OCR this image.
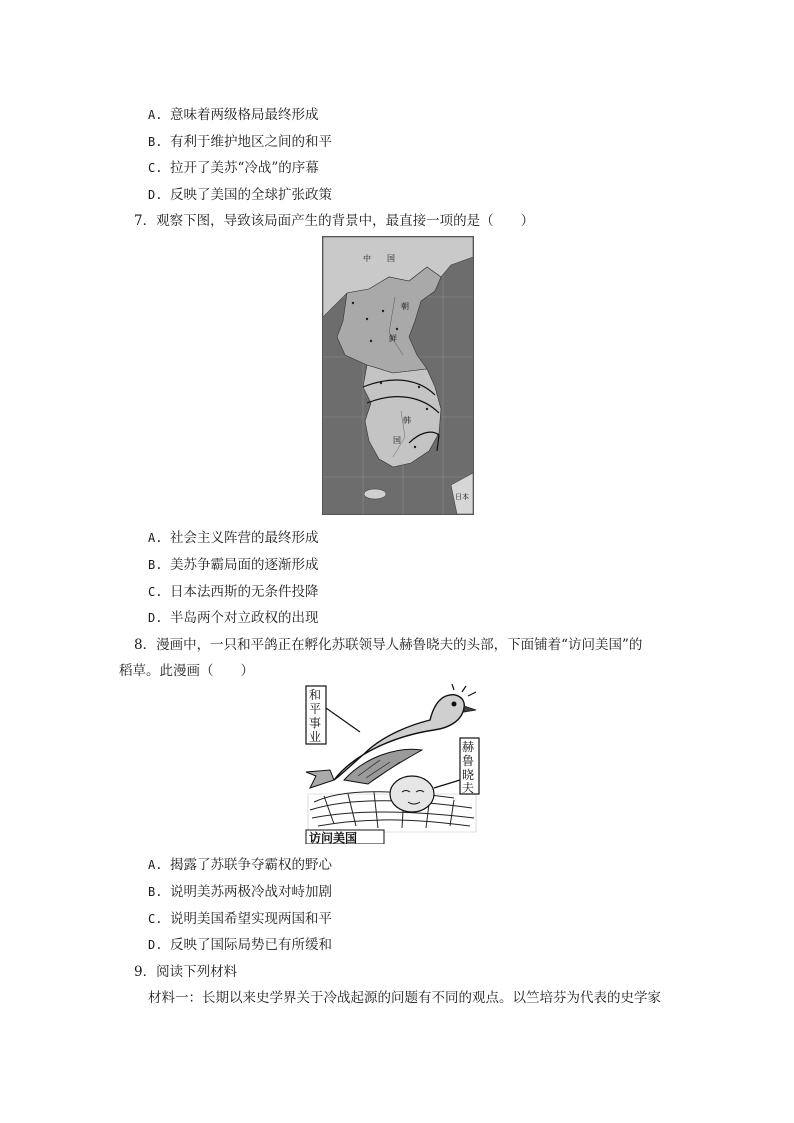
A. 意味着两级格局最终形成
B. 有利于维护地区之间的和平
C. 拉开了美苏“冷战”的序幕
D. 反映了美国的全球扩张政策
7．观察下图，导致该局面产生的背景中，最直接一项的是（　　）
中　　国
朝
鲜
韩
国
日本
A. 社会主义阵营的最终形成
B. 美苏争霸局面的逐渐形成
C. 日本法西斯的无条件投降
D. 半岛两个对立政权的出现
8．漫画中，一只和平鸽正在孵化苏联领导人赫鲁晓夫的头部，下面铺着“访问美国”的
稻草。此漫画（　　）
和
平
事
业
赫
鲁
晓
夫
访问美国
A. 揭露了苏联争夺霸权的野心
B. 说明美苏两极冷战对峙加剧
C. 说明美国希望实现两国和平
D. 反映了国际局势已有所缓和
9．阅读下列材料
材料一：长期以来史学界关于冷战起源的问题有不同的观点。以竺培芬为代表的史学家
